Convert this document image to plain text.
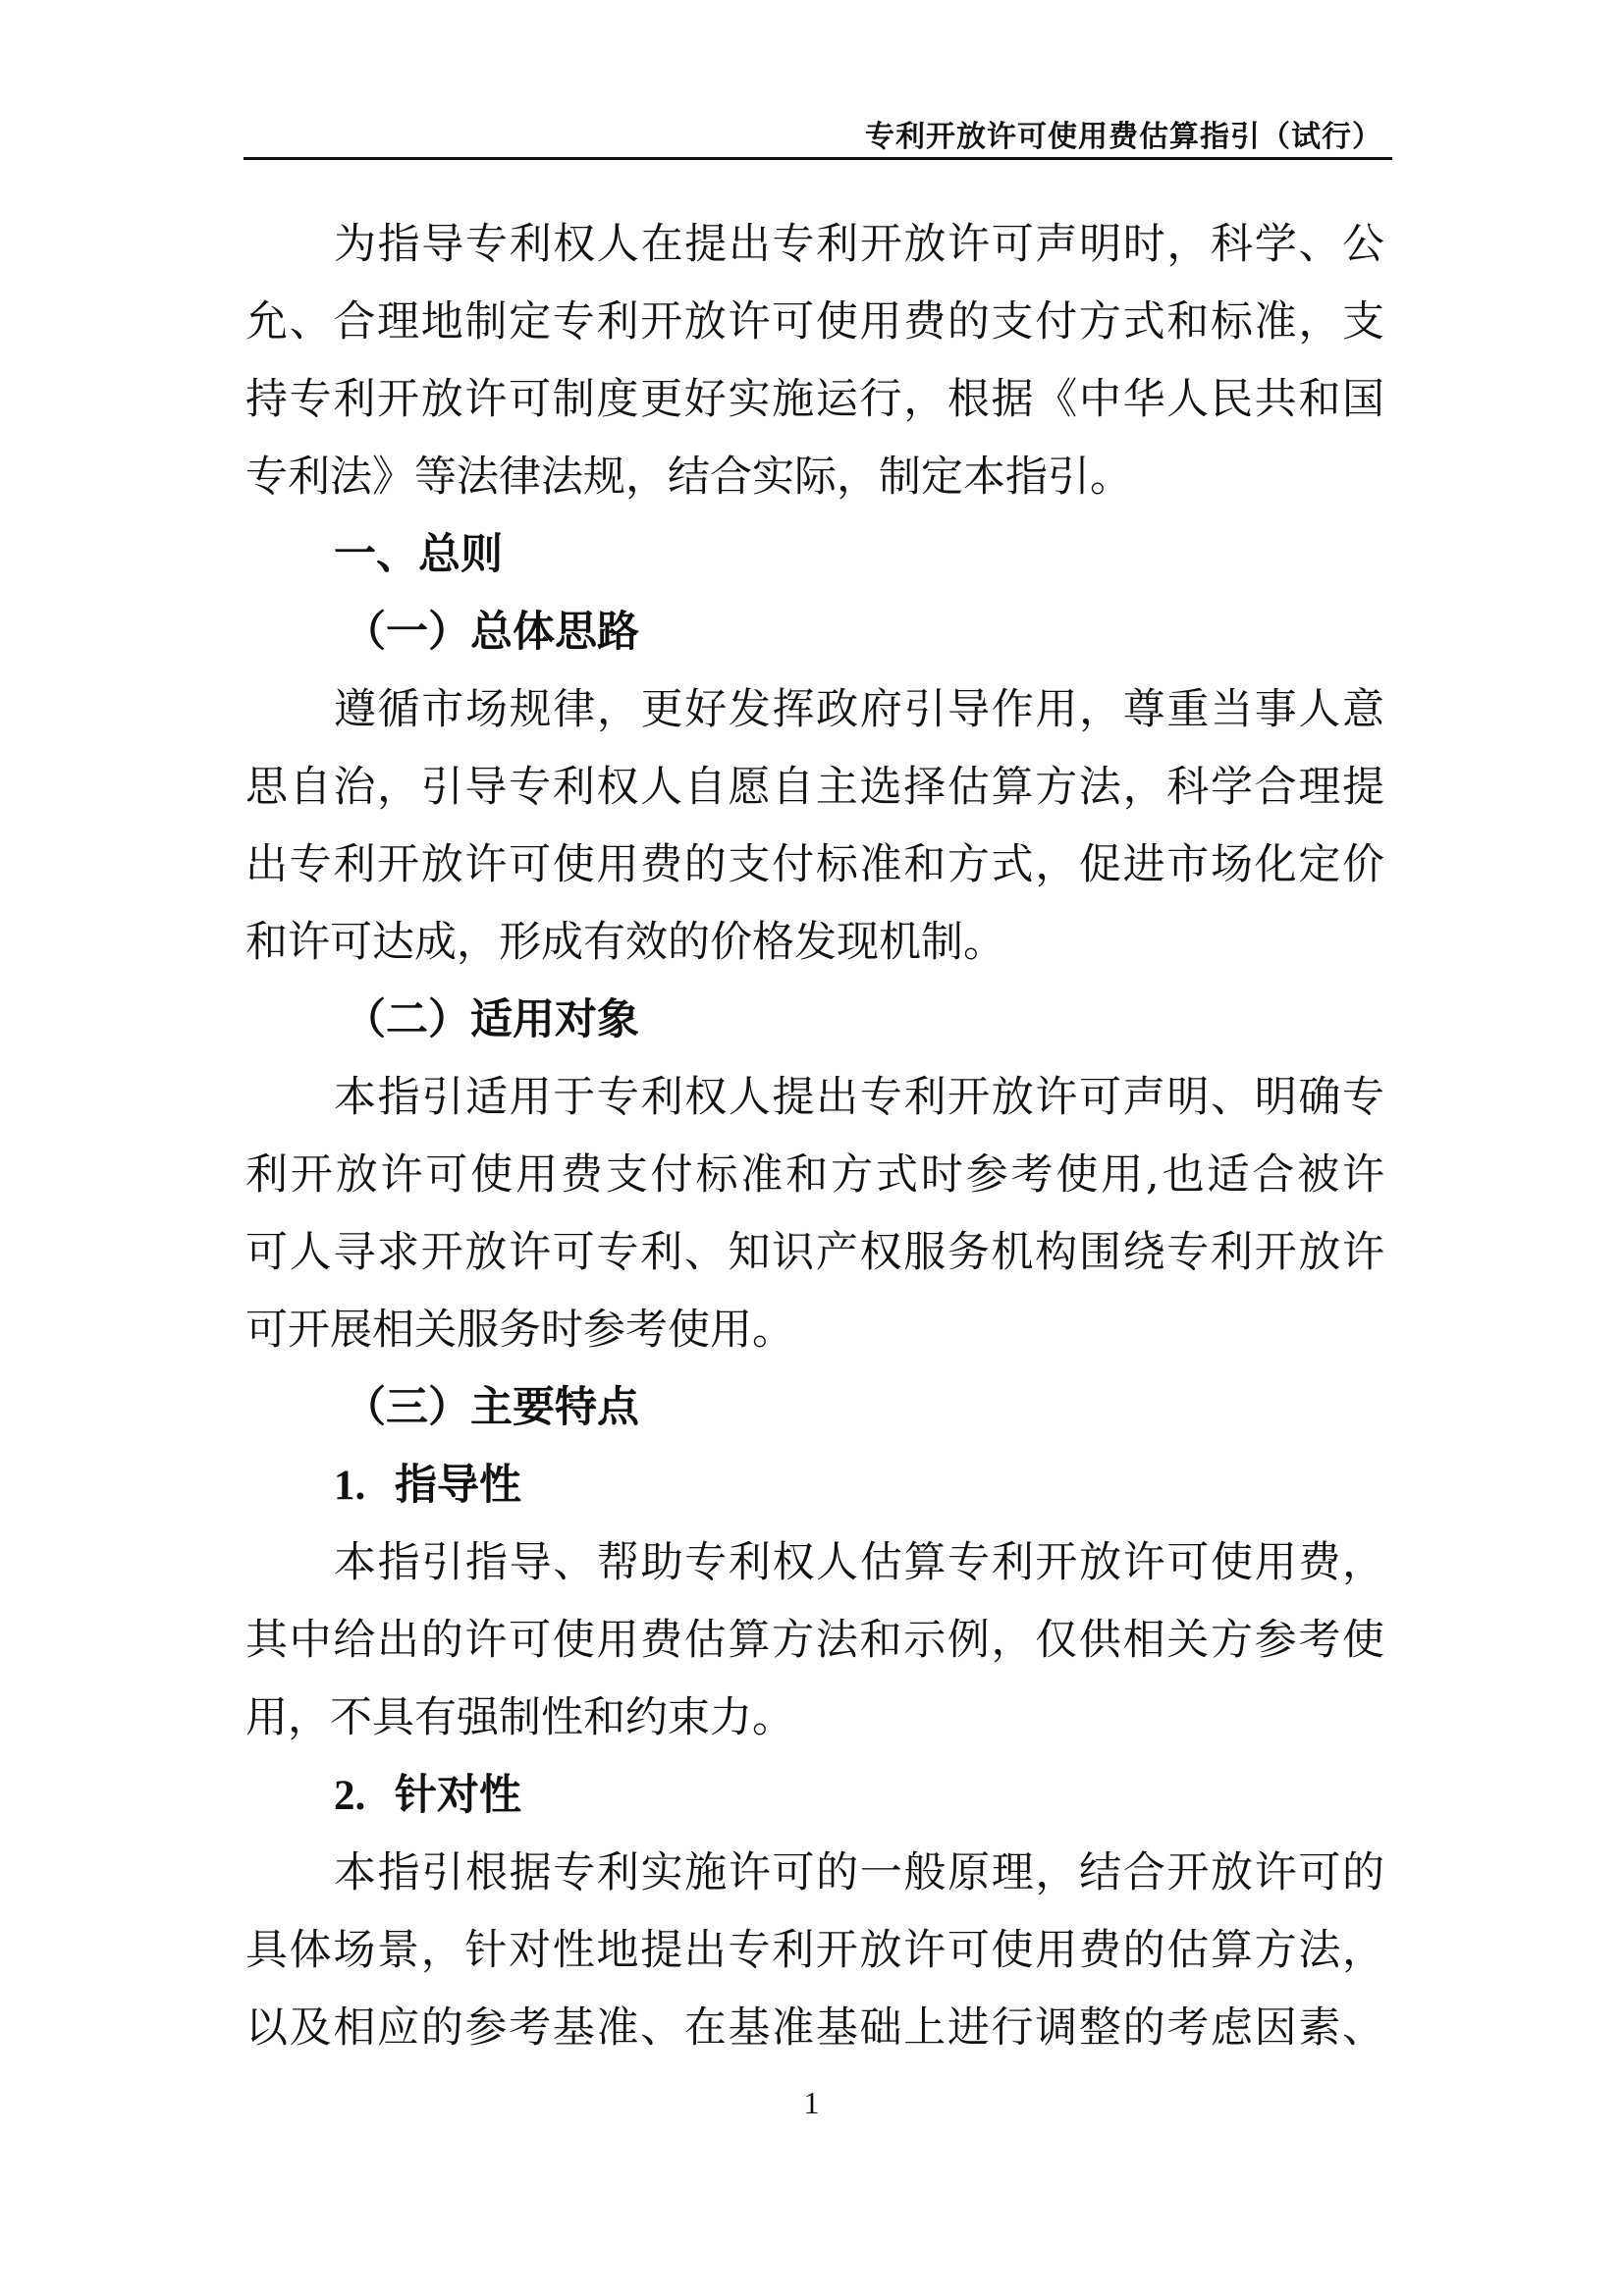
专利开放许可使用费估算指引（试行）
为指导专利权人在提出专利开放许可声明时，科学、公
允、合理地制定专利开放许可使用费的支付方式和标准，支
持专利开放许可制度更好实施运行，根据《中华人民共和国
专利法》等法律法规，结合实际，制定本指引。
一、总则
（一）总体思路
遵循市场规律，更好发挥政府引导作用，尊重当事人意
思自治，引导专利权人自愿自主选择估算方法，科学合理提
出专利开放许可使用费的支付标准和方式，促进市场化定价
和许可达成，形成有效的价格发现机制。
（二）适用对象
本指引适用于专利权人提出专利开放许可声明、明确专
利开放许可使用费支付标准和方式时参考使用,也适合被许
可人寻求开放许可专利、知识产权服务机构围绕专利开放许
可开展相关服务时参考使用。
（三）主要特点
1. 指导性
本指引指导、帮助专利权人估算专利开放许可使用费，
其中给出的许可使用费估算方法和示例，仅供相关方参考使
用，不具有强制性和约束力。
2. 针对性
本指引根据专利实施许可的一般原理，结合开放许可的
具体场景，针对性地提出专利开放许可使用费的估算方法，
以及相应的参考基准、在基准基础上进行调整的考虑因素、
1
